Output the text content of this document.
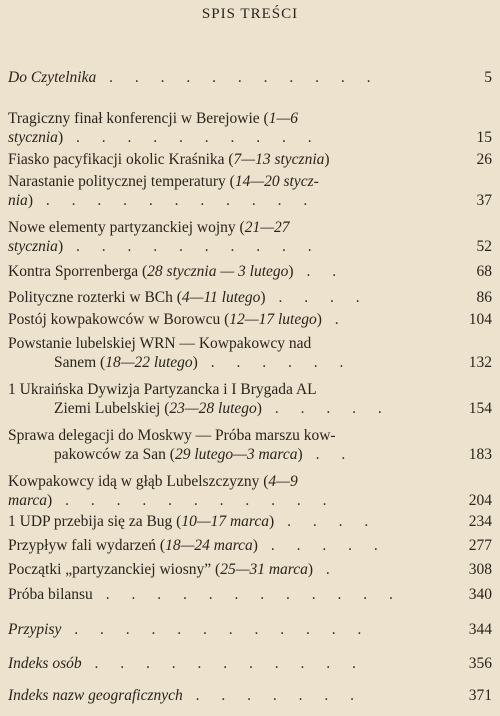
SPIS TREŚCI
Do Czytelnika . . . . . . . . . . .	5
Tragiczny finał konferencji w Berejowie (1—6
stycznia) . . . . . . . . . .	15
Fiasko pacyfikacji okolic Kraśnika (7—13 stycznia)	26
Narastanie politycznej temperatury (14—20 stycz-
nia) . . . . . . . . . . .	37
Nowe elementy partyzanckiej wojny (21—27
stycznia) . . . . . . . . . .	52
Kontra Sporrenberga (28 stycznia — 3 lutego) . .	68
Polityczne rozterki w BCh (4—11 lutego) . . . .	86
Postój kowpakowców w Borowcu (12—17 lutego) .	104
Powstanie lubelskiej WRN — Kowpakowcy nad
Sanem (18—22 lutego) . . . . . .	132
1 Ukraińska Dywizja Partyzancka i I Brygada AL
Ziemi Lubelskiej (23—28 lutego) . . . . .	154
Sprawa delegacji do Moskwy — Próba marszu kow-
pakowców za San (29 lutego—3 marca) . .	183
Kowpakowcy idą w głąb Lubelszczyzny (4—9
marca) . . . . . . . . . . .	204
1 UDP przebija się za Bug (10—17 marca) . . . .	234
Przypływ fali wydarzeń (18—24 marca) . . . . .	277
Początki „partyzanckiej wiosny” (25—31 marca) .	308
Próba bilansu . . . . . . . . . . . .	340
Przypisy . . . . . . . . . . . .	344
Indeks osób . . . . . . . . . . .	356
Indeks nazw geograficznych . . . . . . .	371
